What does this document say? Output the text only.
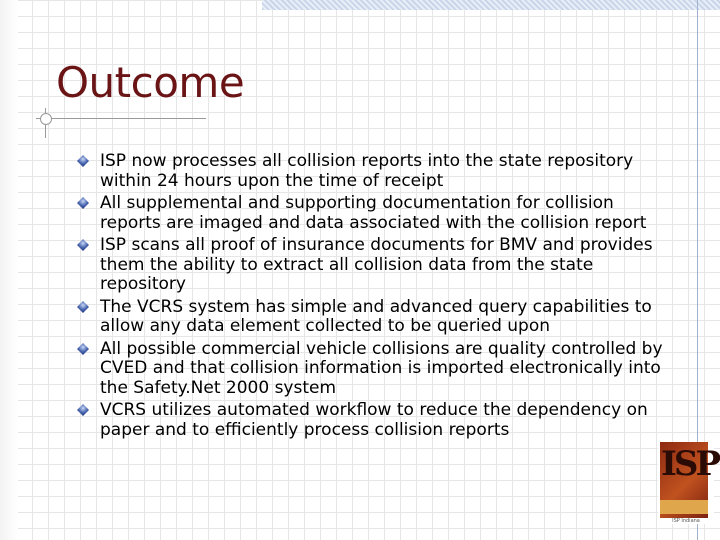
Outcome
ISP now processes all collision reports into the state repository within 24 hours upon the time of receipt
All supplemental and supporting documentation for collision reports are imaged and data associated with the collision report
ISP scans all proof of insurance documents for BMV and provides them the ability to extract all collision data from the state repository
The VCRS system has simple and advanced query capabilities to allow any data element collected to be queried upon
All possible commercial vehicle collisions are quality controlled by CVED and that collision information is imported electronically into the Safety.Net 2000 system
VCRS utilizes automated workflow to reduce the dependency on paper and to efficiently process collision reports
ISP
ISP Indiana
